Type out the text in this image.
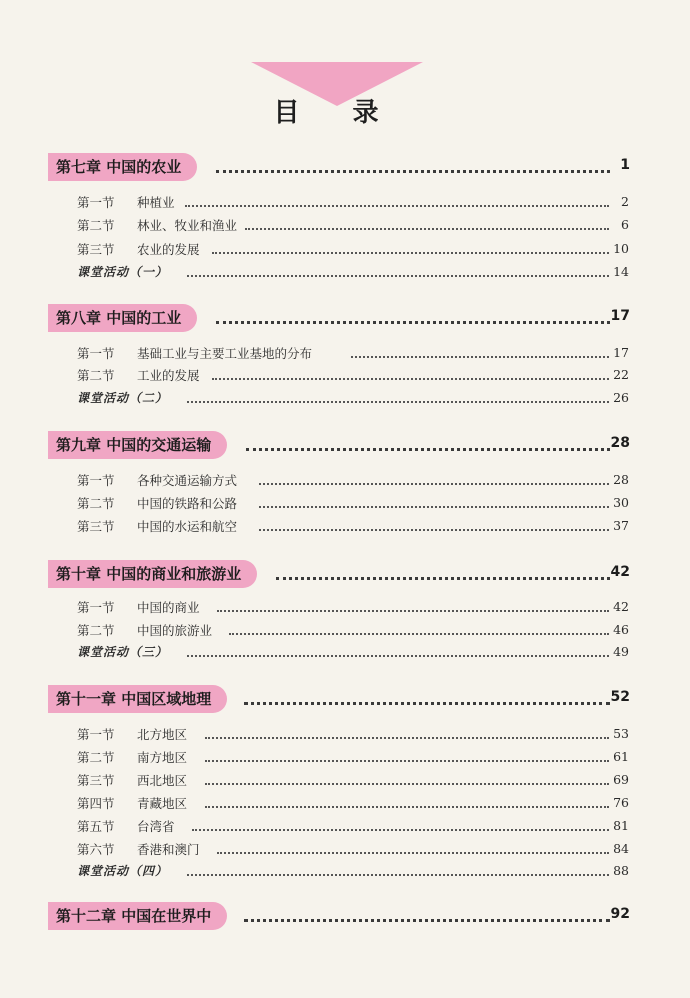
目 录
第七章 中国的农业	1
第一节 种植业	2
第二节 林业、牧业和渔业	6
第三节 农业的发展	10
课堂活动（一）	14
第八章 中国的工业	17
第一节 基础工业与主要工业基地的分布	17
第二节 工业的发展	22
课堂活动（二）	26
第九章 中国的交通运输	28
第一节 各种交通运输方式	28
第二节 中国的铁路和公路	30
第三节 中国的水运和航空	37
第十章 中国的商业和旅游业	42
第一节 中国的商业	42
第二节 中国的旅游业	46
课堂活动（三）	49
第十一章 中国区域地理	52
第一节 北方地区	53
第二节 南方地区	61
第三节 西北地区	69
第四节 青藏地区	76
第五节 台湾省	81
第六节 香港和澳门	84
课堂活动（四）	88
第十二章 中国在世界中	92
